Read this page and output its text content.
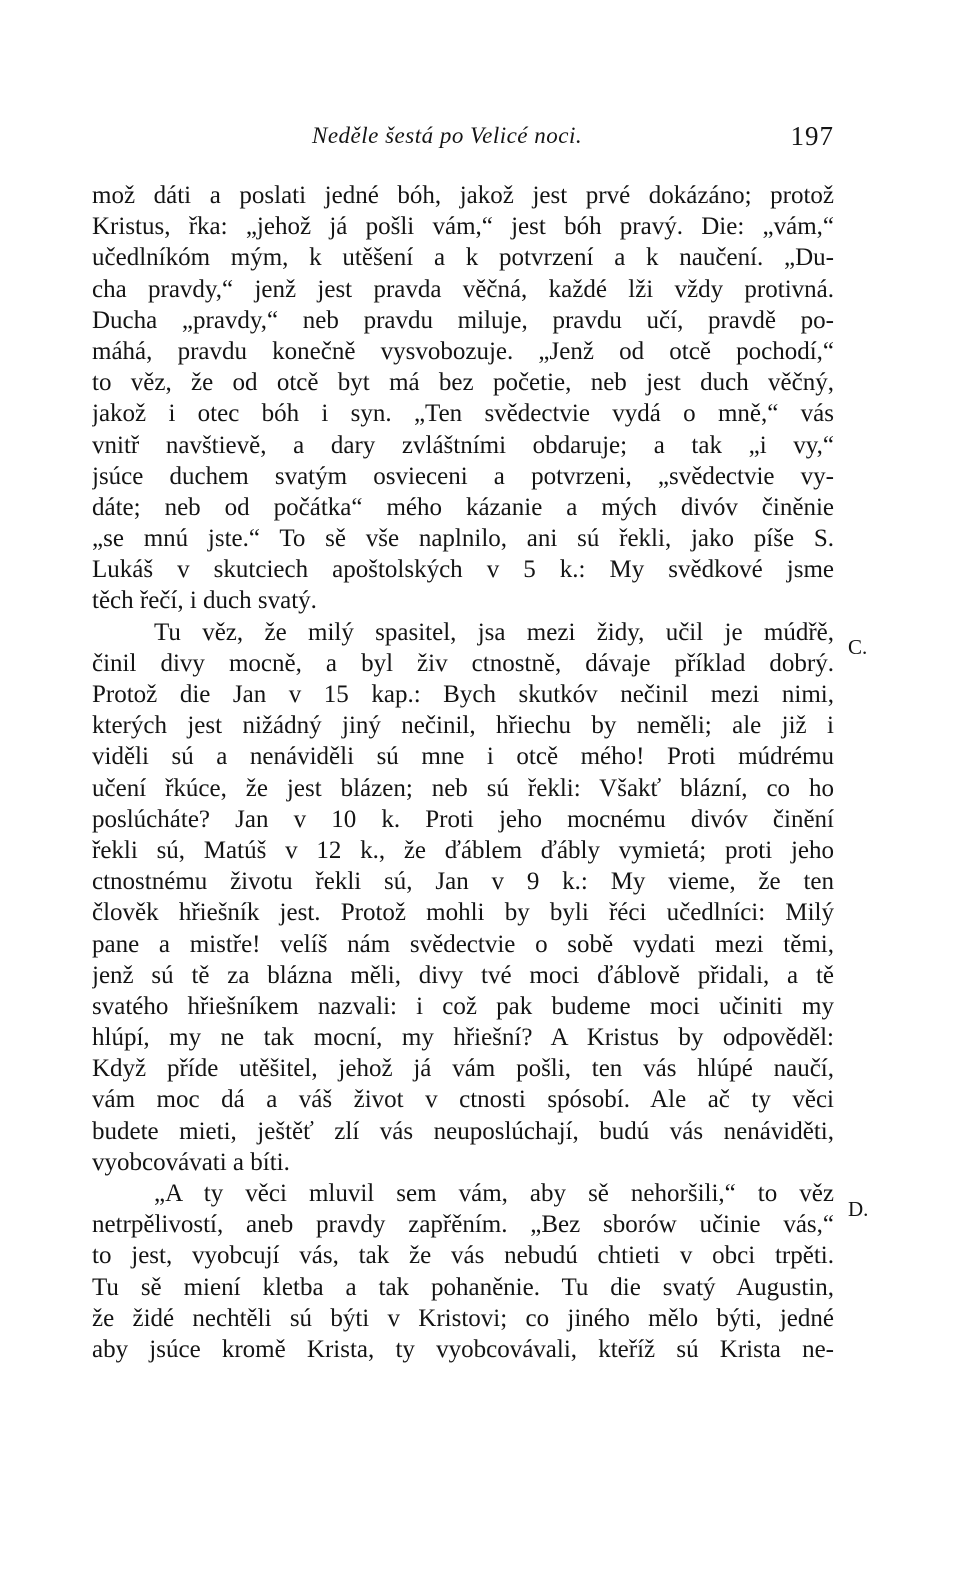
Neděle šestá po Velicé noci.	197
mož dáti a poslati jedné bóh, jakož jest prvé dokázáno; protož
Kristus, řka: „jehož já pošli vám,“ jest bóh pravý. Die: „vám,“
učedlníkóm mým, k utěšení a k potvrzení a k naučení. „Du-
cha pravdy,“ jenž jest pravda věčná, každé lži vždy protivná.
Ducha „pravdy,“ neb pravdu miluje, pravdu učí, pravdě po-
máhá, pravdu konečně vysvobozuje. „Jenž od otcě pochodí,“
to věz, že od otcě byt má bez početie, neb jest duch věčný,
jakož i otec bóh i syn. „Ten svědectvie vydá o mně,“ vás
vnitř navštievě, a dary zvláštními obdaruje; a tak „i vy,“
jsúce duchem svatým osvieceni a potvrzeni, „svědectvie vy-
dáte; neb od počátka“ mého kázanie a mých divóv činěnie
„se mnú jste.“ To sě vše naplnilo, ani sú řekli, jako píše S.
Lukáš v skutciech apoštolských v 5 k.: My svědkové jsme
těch řečí, i duch svatý.
Tu věz, že milý spasitel, jsa mezi židy, učil je múdřě,
činil divy mocně, a byl živ ctnostně, dávaje příklad dobrý.
Protož die Jan v 15 kap.: Bych skutkóv nečinil mezi nimi,
kterých jest nižádný jiný nečinil, hřiechu by neměli; ale již i
viděli sú a nenáviděli sú mne i otcě mého! Proti múdrému
učení řkúce, že jest blázen; neb sú řekli: Všakť blázní, co ho
poslúcháte? Jan v 10 k. Proti jeho mocnému divóv činění
řekli sú, Matúš v 12 k., že ďáblem ďábly vymietá; proti jeho
ctnostnému životu řekli sú, Jan v 9 k.: My vieme, že ten
člověk hřiešník jest. Protož mohli by byli řéci učedlníci: Milý
pane a mistře! velíš nám svědectvie o sobě vydati mezi těmi,
jenž sú tě za blázna měli, divy tvé moci ďáblově přidali, a tě
svatého hřiešníkem nazvali: i což pak budeme moci učiniti my
hlúpí, my ne tak mocní, my hřiešní? A Kristus by odpověděl:
Když příde utěšitel, jehož já vám pošli, ten vás hlúpé naučí,
vám moc dá a váš život v ctnosti spósobí. Ale ač ty věci
budete mieti, ještěť zlí vás neuposlúchají, budú vás nenáviděti,
vyobcovávati a bíti.
„A ty věci mluvil sem vám, aby sě nehoršili,“ to věz
netrpělivostí, aneb pravdy zapřěním. „Bez sborów učinie vás,“
to jest, vyobcují vás, tak že vás nebudú chtieti v obci trpěti.
Tu sě miení kletba a tak pohaněnie. Tu die svatý Augustin,
že židé nechtěli sú býti v Kristovi; co jiného mělo býti, jedné
aby jsúce kromě Krista, ty vyobcovávali, kteříž sú Krista ne-
C.
D.
